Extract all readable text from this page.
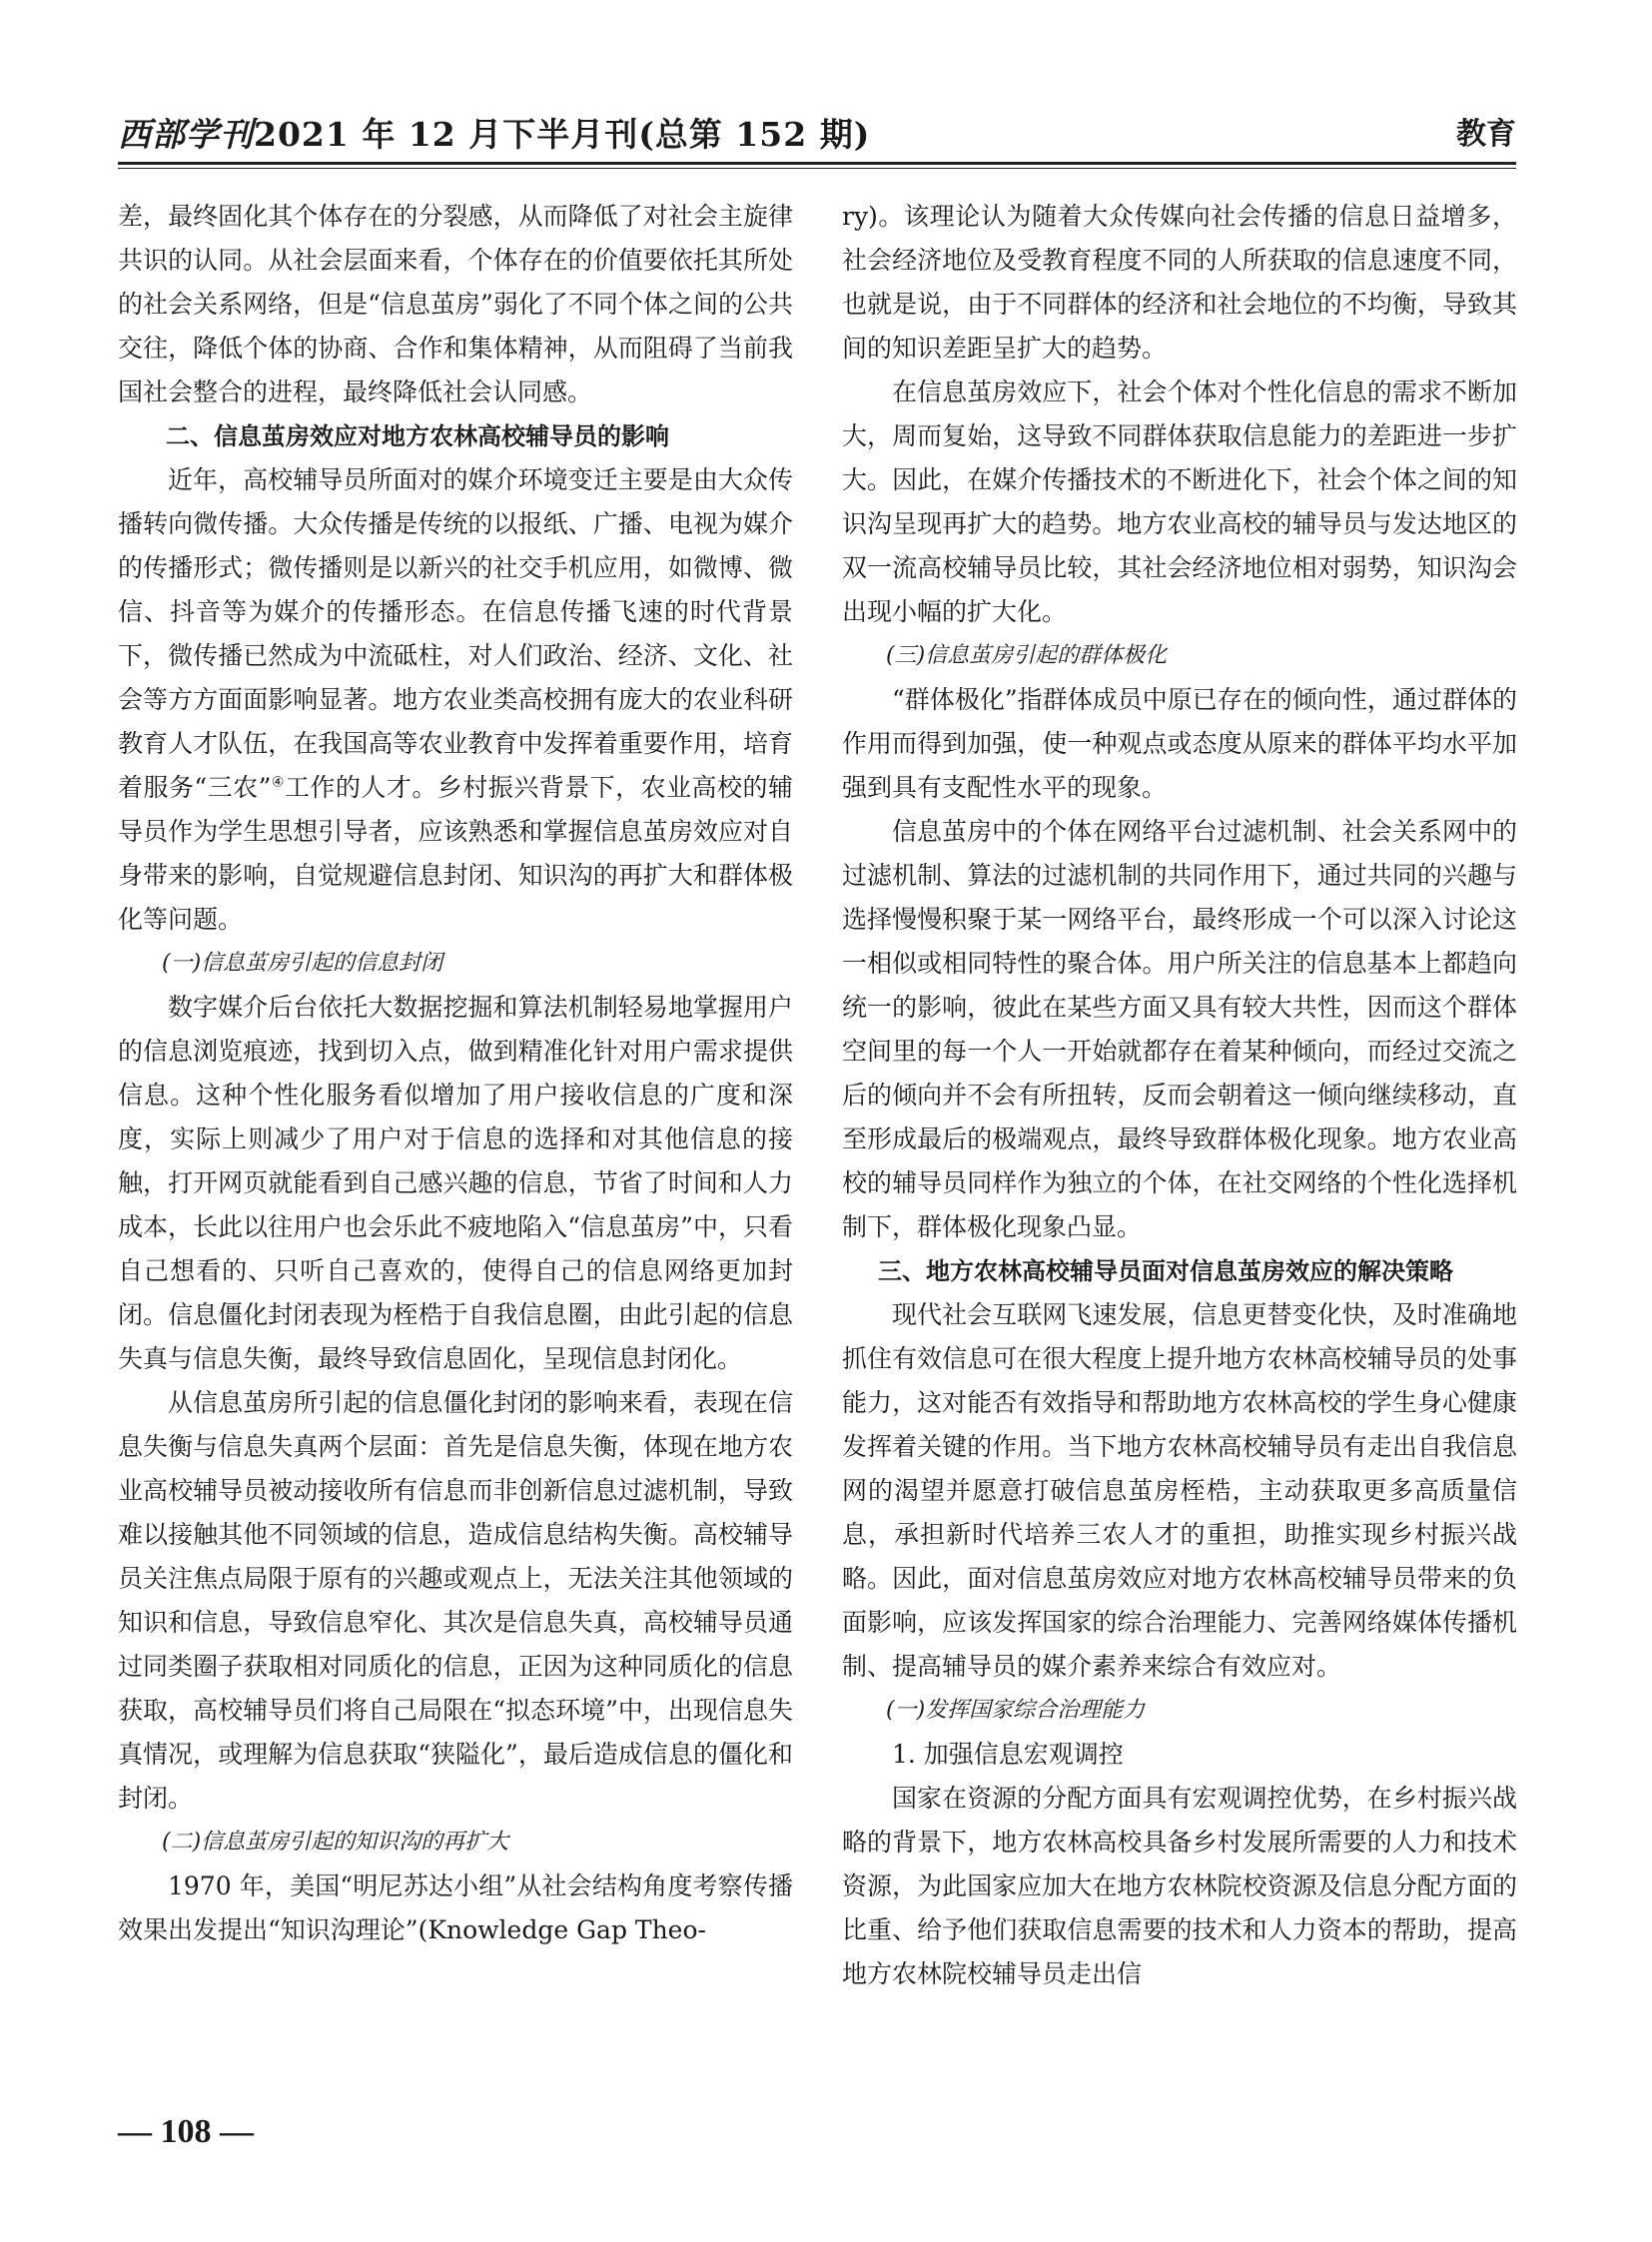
西部学刊2021 年 12 月下半月刊(总第 152 期)	教育

差，最终固化其个体存在的分裂感，从而降低了对社会主旋律共识的认同。从社会层面来看，个体存在的价值要依托其所处的社会关系网络，但是“信息茧房”弱化了不同个体之间的公共交往，降低个体的协商、合作和集体精神，从而阻碍了当前我国社会整合的进程，最终降低社会认同感。

二、信息茧房效应对地方农林高校辅导员的影响

近年，高校辅导员所面对的媒介环境变迁主要是由大众传播转向微传播。大众传播是传统的以报纸、广播、电视为媒介的传播形式；微传播则是以新兴的社交手机应用，如微博、微信、抖音等为媒介的传播形态。在信息传播飞速的时代背景下，微传播已然成为中流砥柱，对人们政治、经济、文化、社会等方方面面影响显著。地方农业类高校拥有庞大的农业科研教育人才队伍，在我国高等农业教育中发挥着重要作用，培育着服务“三农”④工作的人才。乡村振兴背景下，农业高校的辅导员作为学生思想引导者，应该熟悉和掌握信息茧房效应对自身带来的影响，自觉规避信息封闭、知识沟的再扩大和群体极化等问题。

(一)信息茧房引起的信息封闭

数字媒介后台依托大数据挖掘和算法机制轻易地掌握用户的信息浏览痕迹，找到切入点，做到精准化针对用户需求提供信息。这种个性化服务看似增加了用户接收信息的广度和深度，实际上则减少了用户对于信息的选择和对其他信息的接触，打开网页就能看到自己感兴趣的信息，节省了时间和人力成本，长此以往用户也会乐此不疲地陷入“信息茧房”中，只看自己想看的、只听自己喜欢的，使得自己的信息网络更加封闭。信息僵化封闭表现为桎梏于自我信息圈，由此引起的信息失真与信息失衡，最终导致信息固化，呈现信息封闭化。

从信息茧房所引起的信息僵化封闭的影响来看，表现在信息失衡与信息失真两个层面：首先是信息失衡，体现在地方农业高校辅导员被动接收所有信息而非创新信息过滤机制，导致难以接触其他不同领域的信息，造成信息结构失衡。高校辅导员关注焦点局限于原有的兴趣或观点上，无法关注其他领域的知识和信息，导致信息窄化、其次是信息失真，高校辅导员通过同类圈子获取相对同质化的信息，正因为这种同质化的信息获取，高校辅导员们将自己局限在“拟态环境”中，出现信息失真情况，或理解为信息获取“狭隘化”，最后造成信息的僵化和封闭。

(二)信息茧房引起的知识沟的再扩大

1970 年，美国“明尼苏达小组”从社会结构角度考察传播效果出发提出“知识沟理论”(Knowledge Gap Theo-

ry)。该理论认为随着大众传媒向社会传播的信息日益增多，社会经济地位及受教育程度不同的人所获取的信息速度不同，也就是说，由于不同群体的经济和社会地位的不均衡，导致其间的知识差距呈扩大的趋势。

在信息茧房效应下，社会个体对个性化信息的需求不断加大，周而复始，这导致不同群体获取信息能力的差距进一步扩大。因此，在媒介传播技术的不断进化下，社会个体之间的知识沟呈现再扩大的趋势。地方农业高校的辅导员与发达地区的双一流高校辅导员比较，其社会经济地位相对弱势，知识沟会出现小幅的扩大化。

(三)信息茧房引起的群体极化

“群体极化”指群体成员中原已存在的倾向性，通过群体的作用而得到加强，使一种观点或态度从原来的群体平均水平加强到具有支配性水平的现象。

信息茧房中的个体在网络平台过滤机制、社会关系网中的过滤机制、算法的过滤机制的共同作用下，通过共同的兴趣与选择慢慢积聚于某一网络平台，最终形成一个可以深入讨论这一相似或相同特性的聚合体。用户所关注的信息基本上都趋向统一的影响，彼此在某些方面又具有较大共性，因而这个群体空间里的每一个人一开始就都存在着某种倾向，而经过交流之后的倾向并不会有所扭转，反而会朝着这一倾向继续移动，直至形成最后的极端观点，最终导致群体极化现象。地方农业高校的辅导员同样作为独立的个体，在社交网络的个性化选择机制下，群体极化现象凸显。

三、地方农林高校辅导员面对信息茧房效应的解决策略

现代社会互联网飞速发展，信息更替变化快，及时准确地抓住有效信息可在很大程度上提升地方农林高校辅导员的处事能力，这对能否有效指导和帮助地方农林高校的学生身心健康发挥着关键的作用。当下地方农林高校辅导员有走出自我信息网的渴望并愿意打破信息茧房桎梏，主动获取更多高质量信息，承担新时代培养三农人才的重担，助推实现乡村振兴战略。因此，面对信息茧房效应对地方农林高校辅导员带来的负面影响，应该发挥国家的综合治理能力、完善网络媒体传播机制、提高辅导员的媒介素养来综合有效应对。

(一)发挥国家综合治理能力

1. 加强信息宏观调控

国家在资源的分配方面具有宏观调控优势，在乡村振兴战略的背景下，地方农林高校具备乡村发展所需要的人力和技术资源，为此国家应加大在地方农林院校资源及信息分配方面的比重、给予他们获取信息需要的技术和人力资本的帮助，提高地方农林院校辅导员走出信

— 108 —
